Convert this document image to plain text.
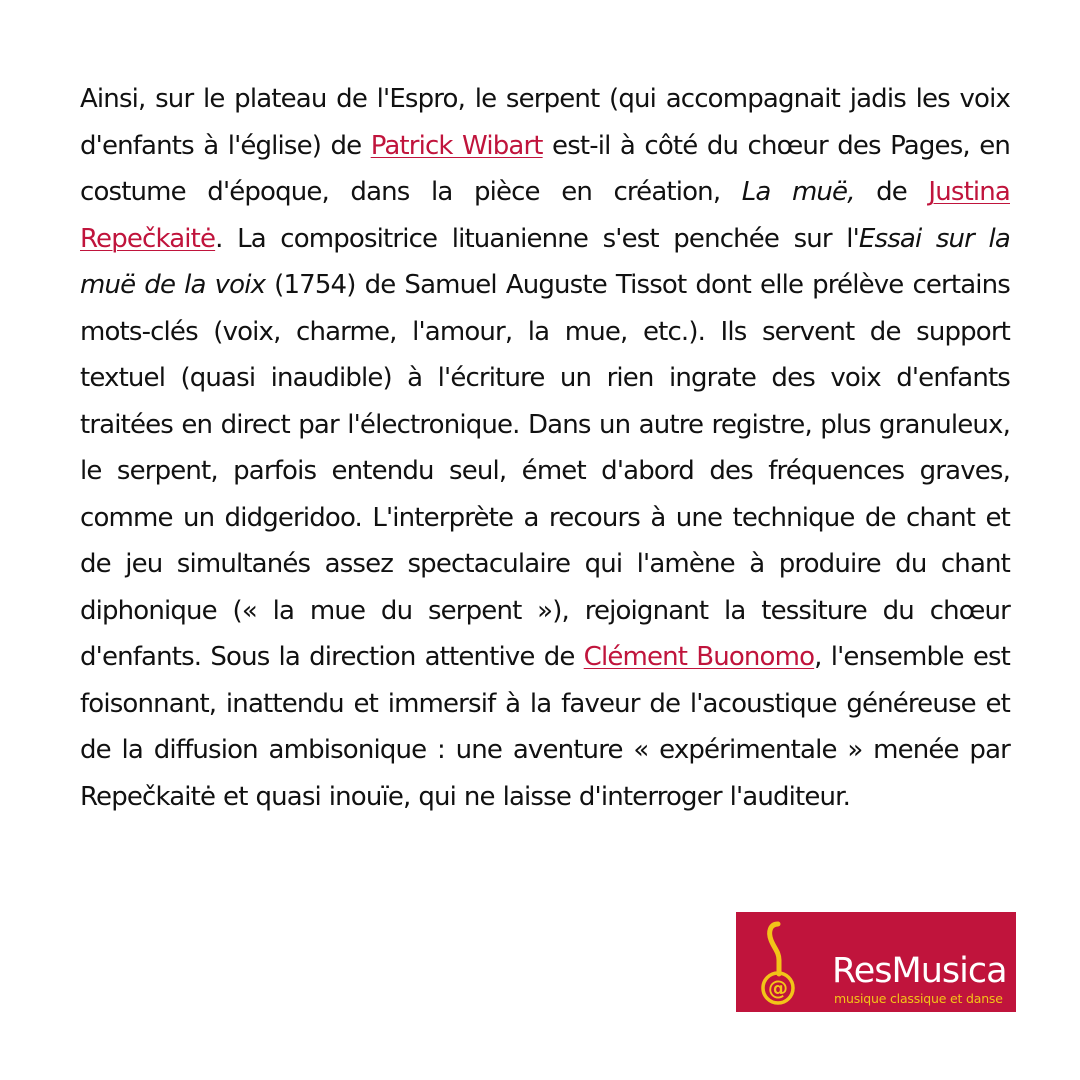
Ainsi, sur le plateau de l'Espro, le serpent (qui accompagnait jadis les voix d'enfants à l'église) de Patrick Wibart est-il à côté du chœur des Pages, en costume d'époque, dans la pièce en création, La muë, de Justina Repečkaitė. La compositrice lituanienne s'est penchée sur l'Essai sur la muë de la voix (1754) de Samuel Auguste Tissot dont elle prélève certains mots-clés (voix, charme, l'amour, la mue, etc.). Ils servent de support textuel (quasi inaudible) à l'écriture un rien ingrate des voix d'enfants traitées en direct par l'électronique. Dans un autre registre, plus granuleux, le serpent, parfois entendu seul, émet d'abord des fréquences graves, comme un didgeridoo. L'interprète a recours à une technique de chant et de jeu simultanés assez spectaculaire qui l'amène à produire du chant diphonique (« la mue du serpent »), rejoignant la tessiture du chœur d'enfants. Sous la direction attentive de Clément Buonomo, l'ensemble est foisonnant, inattendu et immersif à la faveur de l'acoustique généreuse et de la diffusion ambisonique : une aventure « expérimentale » menée par Repečkaitė et quasi inouïe, qui ne laisse d'interroger l'auditeur.

@ ResMusica
musique classique et danse
